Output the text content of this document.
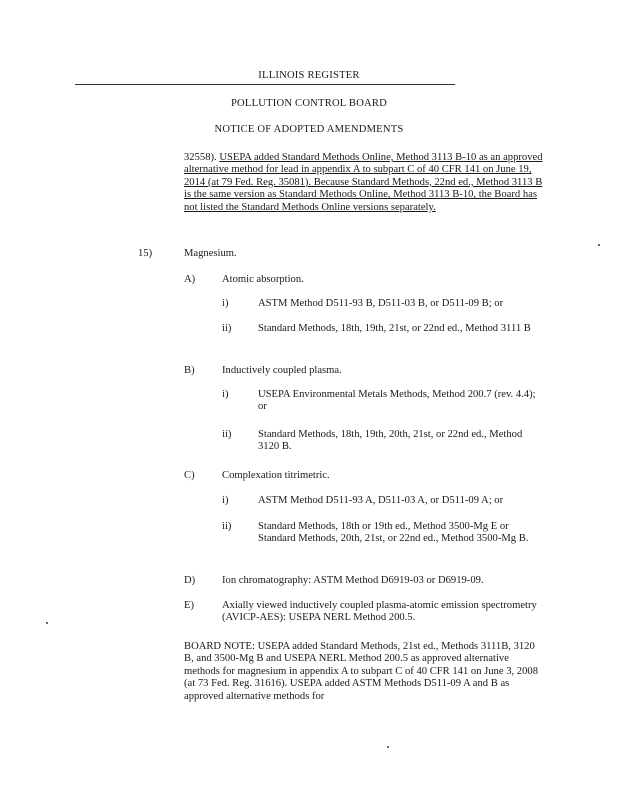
ILLINOIS REGISTER
POLLUTION CONTROL BOARD
NOTICE OF ADOPTED AMENDMENTS
32558). USEPA added Standard Methods Online, Method 3113 B-10 as an approved alternative method for lead in appendix A to subpart C of 40 CFR 141 on June 19, 2014 (at 79 Fed. Reg. 35081). Because Standard Methods, 22nd ed., Method 3113 B is the same version as Standard Methods Online, Method 3113 B-10, the Board has not listed the Standard Methods Online versions separately.
15)	Magnesium.
A)	Atomic absorption.
i)	ASTM Method D511-93 B, D511-03 B, or D511-09 B; or
ii)	Standard Methods, 18th, 19th, 21st, or 22nd ed., Method 3111 B
B)	Inductively coupled plasma.
i)	USEPA Environmental Metals Methods, Method 200.7 (rev. 4.4); or
ii)	Standard Methods, 18th, 19th, 20th, 21st, or 22nd ed., Method 3120 B.
C)	Complexation titrimetric.
i)	ASTM Method D511-93 A, D511-03 A, or D511-09 A; or
ii)	Standard Methods, 18th or 19th ed., Method 3500-Mg E or Standard Methods, 20th, 21st, or 22nd ed., Method 3500-Mg B.
D)	Ion chromatography: ASTM Method D6919-03 or D6919-09.
E)	Axially viewed inductively coupled plasma-atomic emission spectrometry (AVICP-AES): USEPA NERL Method 200.5.
BOARD NOTE: USEPA added Standard Methods, 21st ed., Methods 3111B, 3120 B, and 3500-Mg B and USEPA NERL Method 200.5 as approved alternative methods for magnesium in appendix A to subpart C of 40 CFR 141 on June 3, 2008 (at 73 Fed. Reg. 31616). USEPA added ASTM Methods D511-09 A and B as approved alternative methods for
